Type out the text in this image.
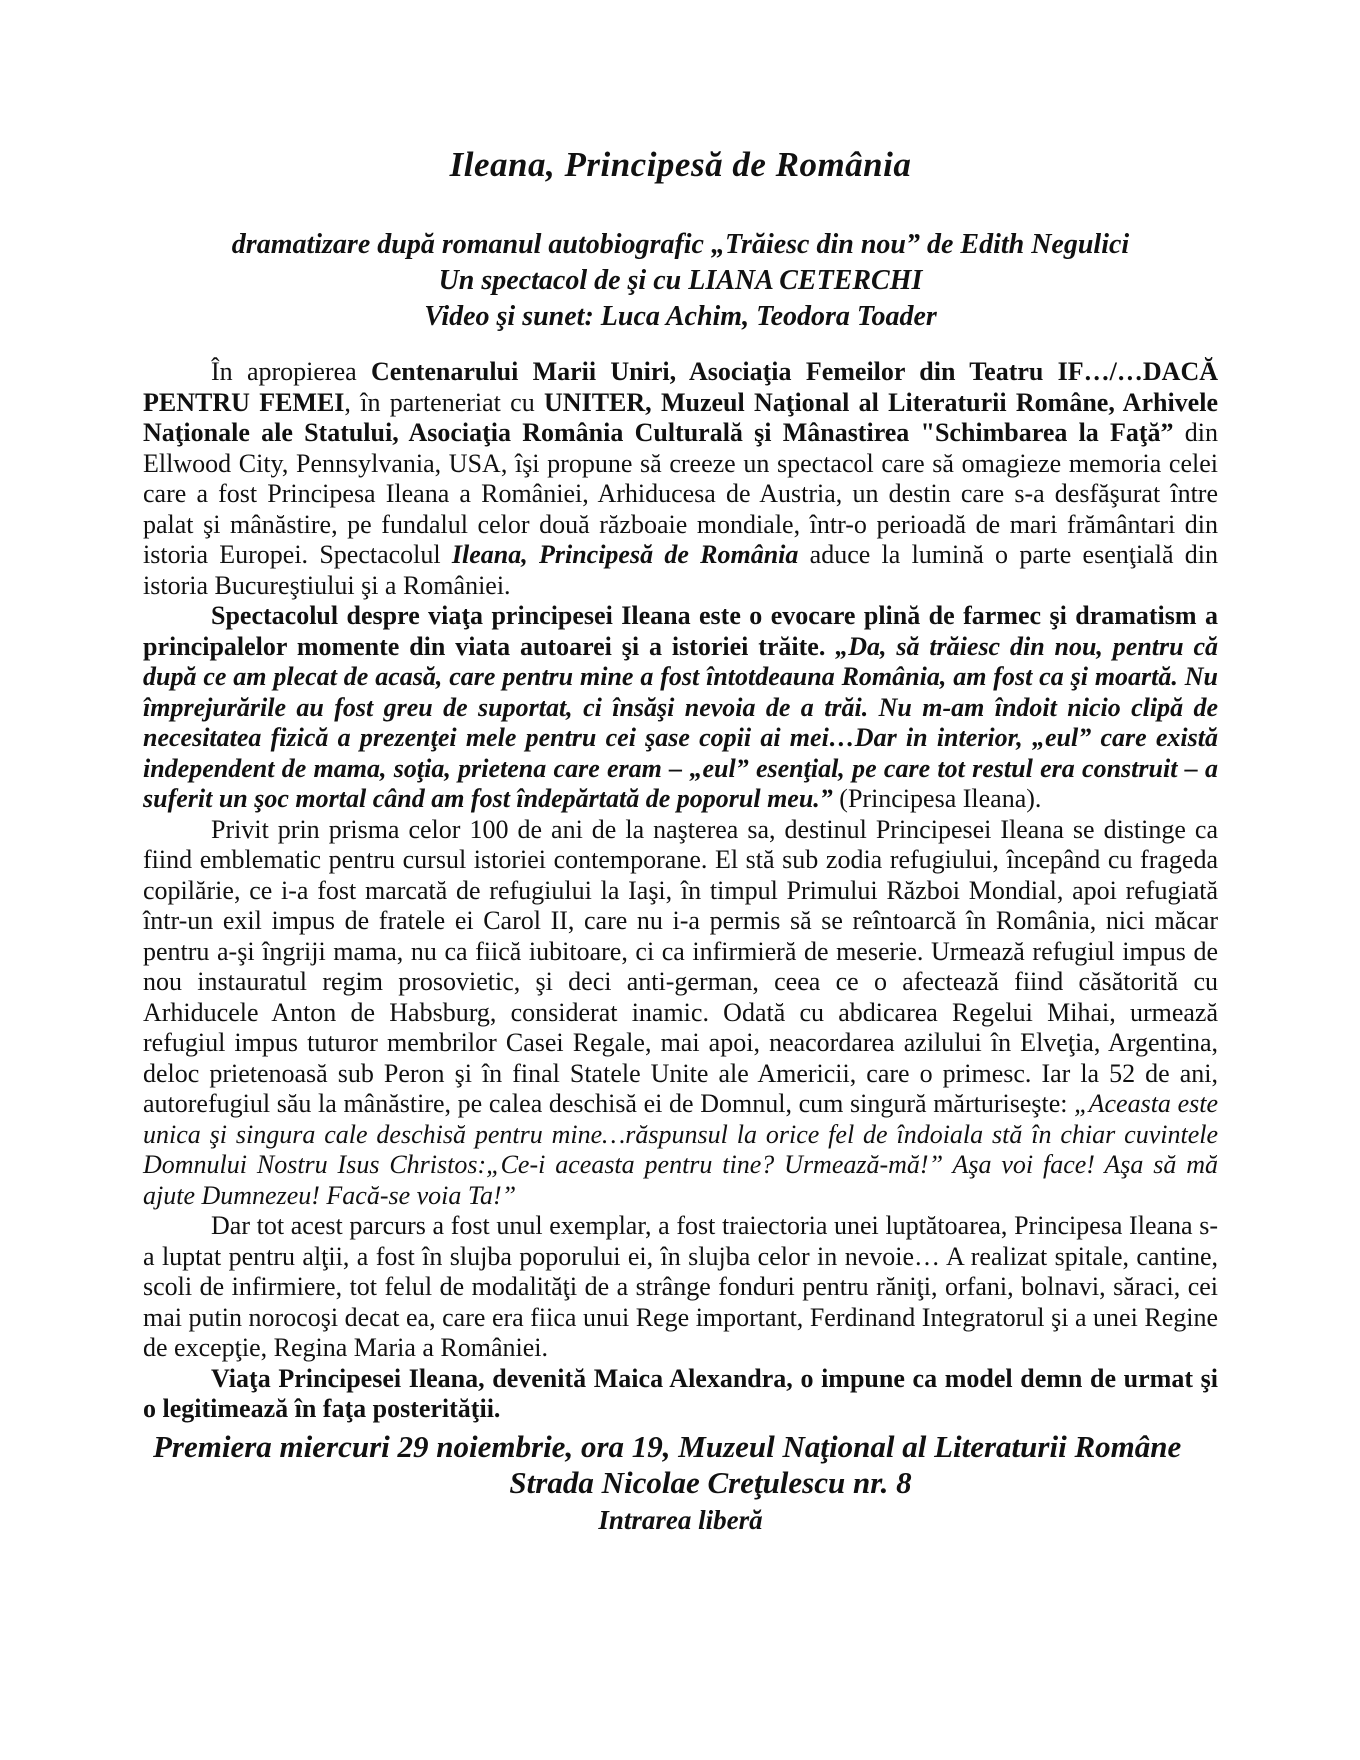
Ileana, Principesă de România
dramatizare după romanul autobiografic „Trăiesc din nou” de Edith Negulici
Un spectacol de şi cu LIANA CETERCHI
Video şi sunet: Luca Achim, Teodora Toader

În apropierea Centenarului Marii Uniri, Asociaţia Femeilor din Teatru IF…/…DACĂ PENTRU FEMEI, în parteneriat cu UNITER, Muzeul Naţional al Literaturii Române, Arhivele Naţionale ale Statului, Asociaţia România Culturală şi Mânastirea "Schimbarea la Faţă” din Ellwood City, Pennsylvania, USA, îşi propune să creeze un spectacol care să omagieze memoria celei care a fost Principesa Ileana a României, Arhiducesa de Austria, un destin care s-a desfăşurat între palat şi mânăstire, pe fundalul celor două războaie mondiale, într-o perioadă de mari frământari din istoria Europei. Spectacolul Ileana, Principesă de România aduce la lumină o parte esenţială din istoria Bucureştiului şi a României.

Spectacolul despre viaţa principesei Ileana este o evocare plină de farmec şi dramatism a principalelor momente din viata autoarei şi a istoriei trăite. „Da, să trăiesc din nou, pentru că după ce am plecat de acasă, care pentru mine a fost întotdeauna România, am fost ca şi moartă. Nu împrejurările au fost greu de suportat, ci însăşi nevoia de a trăi. Nu m-am îndoit nicio clipă de necesitatea fizică a prezenţei mele pentru cei şase copii ai mei…Dar in interior, „eul” care există independent de mama, soţia, prietena care eram – „eul” esenţial, pe care tot restul era construit – a suferit un şoc mortal când am fost îndepărtată de poporul meu.” (Principesa Ileana).

Privit prin prisma celor 100 de ani de la naşterea sa, destinul Principesei Ileana se distinge ca fiind emblematic pentru cursul istoriei contemporane. El stă sub zodia refugiului, începând cu frageda copilărie, ce i-a fost marcată de refugiului la Iaşi, în timpul Primului Război Mondial, apoi refugiată într-un exil impus de fratele ei Carol II, care nu i-a permis să se reîntoarcă în România, nici măcar pentru a-şi îngriji mama, nu ca fiică iubitoare, ci ca infirmieră de meserie. Urmează refugiul impus de nou instauratul regim prosovietic, şi deci anti-german, ceea ce o afectează fiind căsătorită cu Arhiducele Anton de Habsburg, considerat inamic. Odată cu abdicarea Regelui Mihai, urmează refugiul impus tuturor membrilor Casei Regale, mai apoi, neacordarea azilului în Elveţia, Argentina, deloc prietenoasă sub Peron şi în final Statele Unite ale Americii, care o primesc. Iar la 52 de ani, autorefugiul său la mânăstire, pe calea deschisă ei de Domnul, cum singură mărturiseşte: „Aceasta este unica şi singura cale deschisă pentru mine…răspunsul la orice fel de îndoiala stă în chiar cuvintele Domnului Nostru Isus Christos:„Ce-i aceasta pentru tine? Urmează-mă!” Aşa voi face! Aşa să mă ajute Dumnezeu! Facă-se voia Ta!”

Dar tot acest parcurs a fost unul exemplar, a fost traiectoria unei luptătoarea, Principesa Ileana s-a luptat pentru alţii, a fost în slujba poporului ei, în slujba celor in nevoie… A realizat spitale, cantine, scoli de infirmiere, tot felul de modalităţi de a strânge fonduri pentru răniţi, orfani, bolnavi, săraci, cei mai putin norocoşi decat ea, care era fiica unui Rege important, Ferdinand Integratorul şi a unei Regine de excepţie, Regina Maria a României.

Viaţa Principesei Ileana, devenită Maica Alexandra, o impune ca model demn de urmat şi o legitimează în faţa posterităţii.

Premiera miercuri 29 noiembrie, ora 19, Muzeul Naţional al Literaturii Române
Strada Nicolae Creţulescu nr. 8
Intrarea liberă
